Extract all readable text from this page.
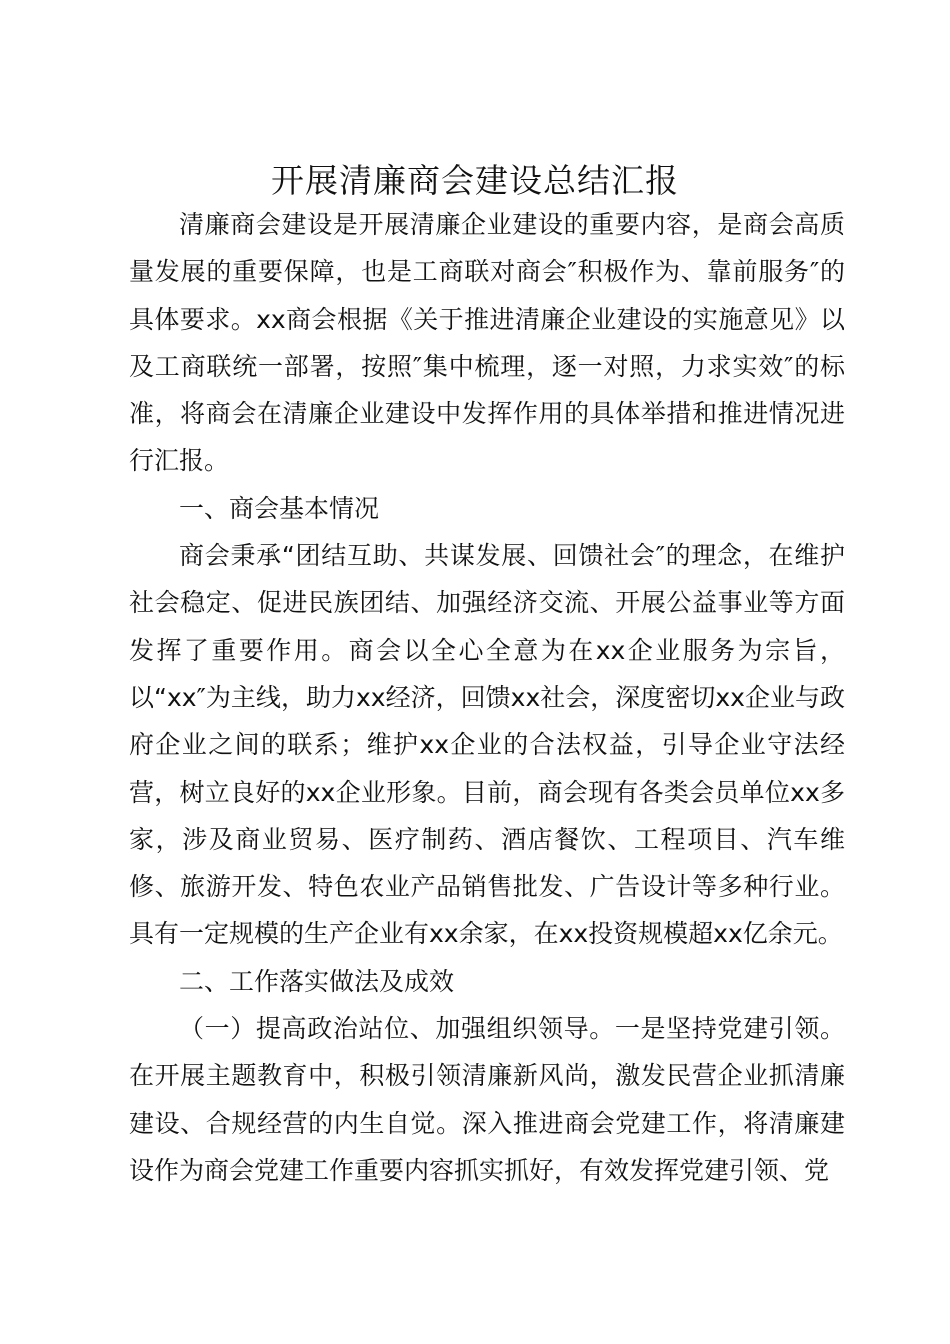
开展清廉商会建设总结汇报

清廉商会建设是开展清廉企业建设的重要内容，是商会高质量发展的重要保障，也是工商联对商会″积极作为、靠前服务″的具体要求。xx商会根据《关于推进清廉企业建设的实施意见》以及工商联统一部署，按照″集中梳理，逐一对照，力求实效″的标准，将商会在清廉企业建设中发挥作用的具体举措和推进情况进行汇报。

一、商会基本情况

商会秉承“团结互助、共谋发展、回馈社会″的理念，在维护社会稳定、促进民族团结、加强经济交流、开展公益事业等方面发挥了重要作用。商会以全心全意为在xx企业服务为宗旨，以“xx″为主线，助力xx经济，回馈xx社会，深度密切xx企业与政府企业之间的联系；维护xx企业的合法权益，引导企业守法经营，树立良好的xx企业形象。目前，商会现有各类会员单位xx多家，涉及商业贸易、医疗制药、酒店餐饮、工程项目、汽车维修、旅游开发、特色农业产品销售批发、广告设计等多种行业。具有一定规模的生产企业有xx余家，在xx投资规模超xx亿余元。

二、工作落实做法及成效

（一）提高政治站位、加强组织领导。一是坚持党建引领。在开展主题教育中，积极引领清廉新风尚，激发民营企业抓清廉建设、合规经营的内生自觉。深入推进商会党建工作，将清廉建设作为商会党建工作重要内容抓实抓好，有效发挥党建引领、党
